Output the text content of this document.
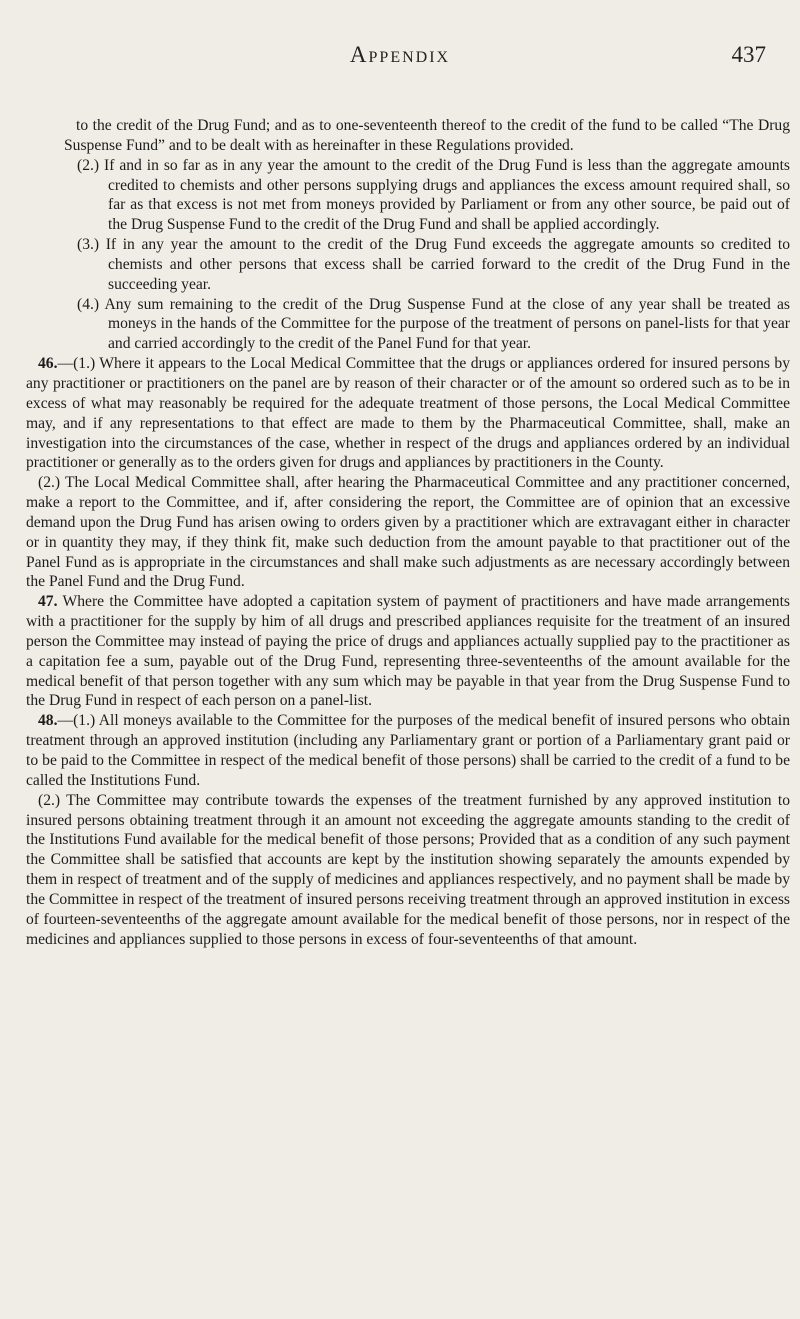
Appendix	437

to the credit of the Drug Fund; and as to one-seventeenth thereof to the credit of the fund to be called “The Drug Suspense Fund” and to be dealt with as hereinafter in these Regulations provided.

(2.) If and in so far as in any year the amount to the credit of the Drug Fund is less than the aggregate amounts credited to chemists and other persons supplying drugs and appliances the excess amount required shall, so far as that excess is not met from moneys provided by Parliament or from any other source, be paid out of the Drug Suspense Fund to the credit of the Drug Fund and shall be applied accordingly.

(3.) If in any year the amount to the credit of the Drug Fund exceeds the aggregate amounts so credited to chemists and other persons that excess shall be carried forward to the credit of the Drug Fund in the succeeding year.

(4.) Any sum remaining to the credit of the Drug Suspense Fund at the close of any year shall be treated as moneys in the hands of the Committee for the purpose of the treatment of persons on panel-lists for that year and carried accordingly to the credit of the Panel Fund for that year.

46.—(1.) Where it appears to the Local Medical Committee that the drugs or appliances ordered for insured persons by any practitioner or practitioners on the panel are by reason of their character or of the amount so ordered such as to be in excess of what may reasonably be required for the adequate treatment of those persons, the Local Medical Committee may, and if any representations to that effect are made to them by the Pharmaceutical Committee, shall, make an investigation into the circumstances of the case, whether in respect of the drugs and appliances ordered by an individual practitioner or generally as to the orders given for drugs and appliances by practitioners in the County.

(2.) The Local Medical Committee shall, after hearing the Pharmaceutical Committee and any practitioner concerned, make a report to the Committee, and if, after considering the report, the Committee are of opinion that an excessive demand upon the Drug Fund has arisen owing to orders given by a practitioner which are extravagant either in character or in quantity they may, if they think fit, make such deduction from the amount payable to that practitioner out of the Panel Fund as is appropriate in the circumstances and shall make such adjustments as are necessary accordingly between the Panel Fund and the Drug Fund.

47. Where the Committee have adopted a capitation system of payment of practitioners and have made arrangements with a practitioner for the supply by him of all drugs and prescribed appliances requisite for the treatment of an insured person the Committee may instead of paying the price of drugs and appliances actually supplied pay to the practitioner as a capitation fee a sum, payable out of the Drug Fund, representing three-seventeenths of the amount available for the medical benefit of that person together with any sum which may be payable in that year from the Drug Suspense Fund to the Drug Fund in respect of each person on a panel-list.

48.—(1.) All moneys available to the Committee for the purposes of the medical benefit of insured persons who obtain treatment through an approved institution (including any Parliamentary grant or portion of a Parliamentary grant paid or to be paid to the Committee in respect of the medical benefit of those persons) shall be carried to the credit of a fund to be called the Institutions Fund.

(2.) The Committee may contribute towards the expenses of the treatment furnished by any approved institution to insured persons obtaining treatment through it an amount not exceeding the aggregate amounts standing to the credit of the Institutions Fund available for the medical benefit of those persons; Provided that as a condition of any such payment the Committee shall be satisfied that accounts are kept by the institution showing separately the amounts expended by them in respect of treatment and of the supply of medicines and appliances respectively, and no payment shall be made by the Committee in respect of the treatment of insured persons receiving treatment through an approved institution in excess of fourteen-seventeenths of the aggregate amount available for the medical benefit of those persons, nor in respect of the medicines and appliances supplied to those persons in excess of four-seventeenths of that amount.
